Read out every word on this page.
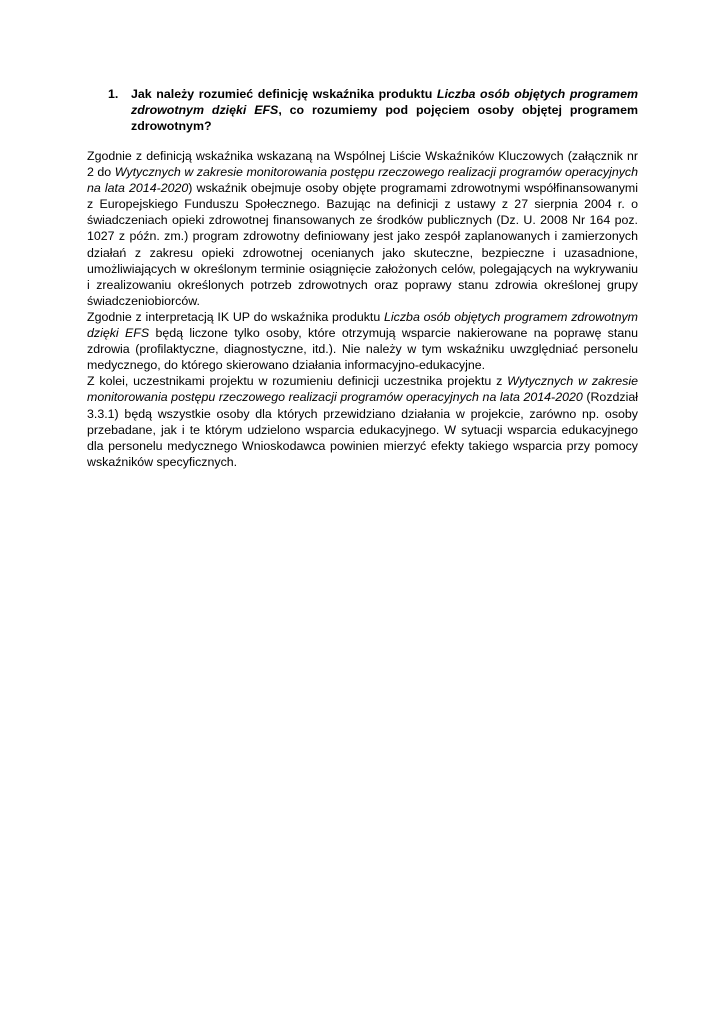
1. Jak należy rozumieć definicję wskaźnika produktu Liczba osób objętych programem zdrowotnym dzięki EFS, co rozumiemy pod pojęciem osoby objętej programem zdrowotnym?

Zgodnie z definicją wskaźnika wskazaną na Wspólnej Liście Wskaźników Kluczowych (załącznik nr 2 do Wytycznych w zakresie monitorowania postępu rzeczowego realizacji programów operacyjnych na lata 2014-2020) wskaźnik obejmuje osoby objęte programami zdrowotnymi współfinansowanymi z Europejskiego Funduszu Społecznego. Bazując na definicji z ustawy z 27 sierpnia 2004 r. o świadczeniach opieki zdrowotnej finansowanych ze środków publicznych (Dz. U. 2008 Nr 164 poz. 1027 z późn. zm.) program zdrowotny definiowany jest jako zespół zaplanowanych i zamierzonych działań z zakresu opieki zdrowotnej ocenianych jako skuteczne, bezpieczne i uzasadnione, umożliwiających w określonym terminie osiągnięcie założonych celów, polegających na wykrywaniu i zrealizowaniu określonych potrzeb zdrowotnych oraz poprawy stanu zdrowia określonej grupy świadczeniobiorców.

Zgodnie z interpretacją IK UP do wskaźnika produktu Liczba osób objętych programem zdrowotnym dzięki EFS będą liczone tylko osoby, które otrzymują wsparcie nakierowane na poprawę stanu zdrowia (profilaktyczne, diagnostyczne, itd.). Nie należy w tym wskaźniku uwzględniać personelu medycznego, do którego skierowano działania informacyjno-edukacyjne.

Z kolei, uczestnikami projektu w rozumieniu definicji uczestnika projektu z Wytycznych w zakresie monitorowania postępu rzeczowego realizacji programów operacyjnych na lata 2014-2020 (Rozdział 3.3.1) będą wszystkie osoby dla których przewidziano działania w projekcie, zarówno np. osoby przebadane, jak i te którym udzielono wsparcia edukacyjnego. W sytuacji wsparcia edukacyjnego dla personelu medycznego Wnioskodawca powinien mierzyć efekty takiego wsparcia przy pomocy wskaźników specyficznych.
